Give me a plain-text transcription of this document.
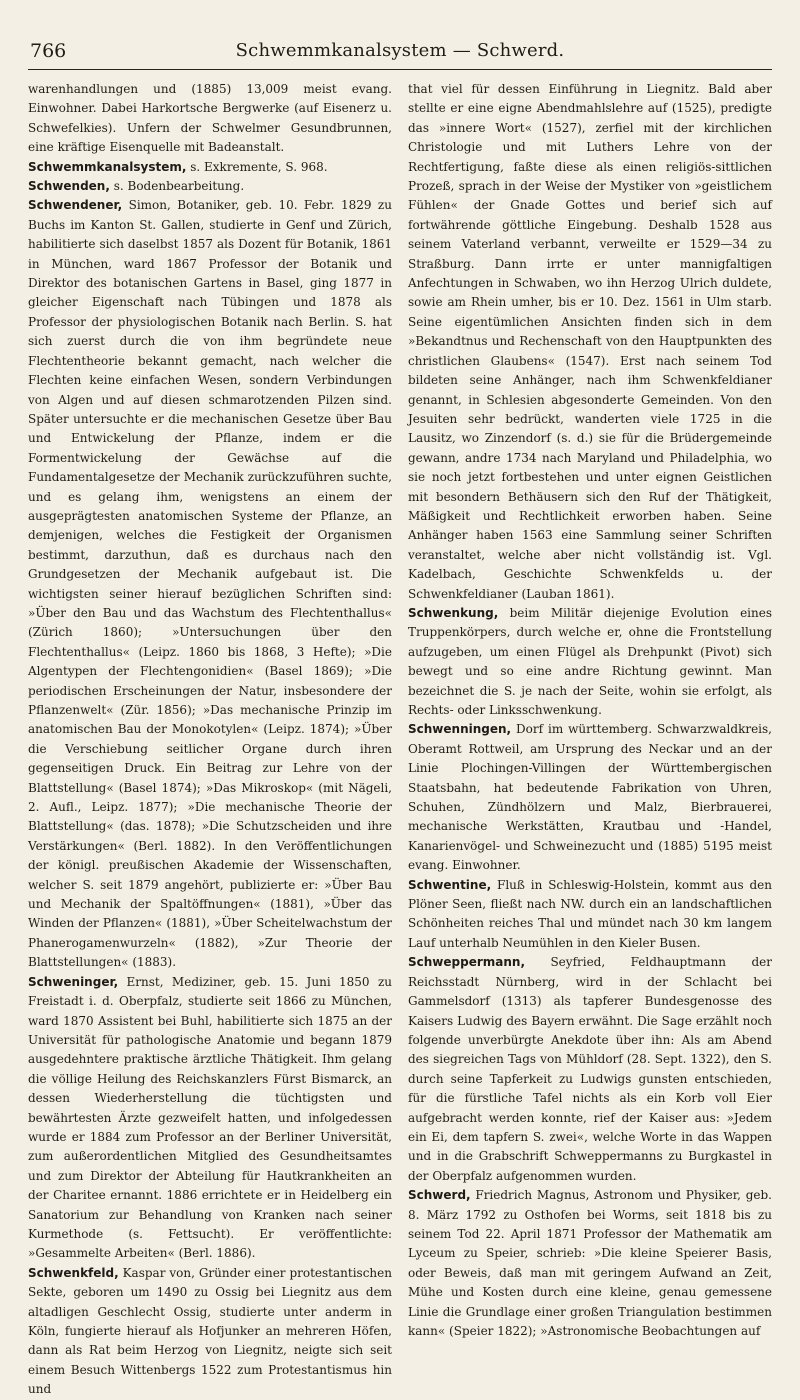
766	Schwemmkanalsystem — Schwerd.

warenhandlungen und (1885) 13,009 meist evang. Einwohner. Dabei Harkortsche Bergwerke (auf Eisenerz u. Schwefelkies). Unfern der Schwelmer Gesundbrunnen, eine kräftige Eisenquelle mit Badeanstalt.

Schwemmkanalsystem, s. Exkremente, S. 968.

Schwenden, s. Bodenbearbeitung.

Schwendener, Simon, Botaniker, geb. 10. Febr. 1829 zu Buchs im Kanton St. Gallen, studierte in Genf und Zürich, habilitierte sich daselbst 1857 als Dozent für Botanik, 1861 in München, ward 1867 Professor der Botanik und Direktor des botanischen Gartens in Basel, ging 1877 in gleicher Eigenschaft nach Tübingen und 1878 als Professor der physiologischen Botanik nach Berlin. S. hat sich zuerst durch die von ihm begründete neue Flechtentheorie bekannt gemacht, nach welcher die Flechten keine einfachen Wesen, sondern Verbindungen von Algen und auf diesen schmarotzenden Pilzen sind. Später untersuchte er die mechanischen Gesetze über Bau und Entwickelung der Pflanze, indem er die Formentwickelung der Gewächse auf die Fundamentalgesetze der Mechanik zurückzuführen suchte, und es gelang ihm, wenigstens an einem der ausgeprägtesten anatomischen Systeme der Pflanze, an demjenigen, welches die Festigkeit der Organismen bestimmt, darzuthun, daß es durchaus nach den Grundgesetzen der Mechanik aufgebaut ist. Die wichtigsten seiner hierauf bezüglichen Schriften sind: »Über den Bau und das Wachstum des Flechtenthallus« (Zürich 1860); »Untersuchungen über den Flechtenthallus« (Leipz. 1860 bis 1868, 3 Hefte); »Die Algentypen der Flechtengonidien« (Basel 1869); »Die periodischen Erscheinungen der Natur, insbesondere der Pflanzenwelt« (Zür. 1856); »Das mechanische Prinzip im anatomischen Bau der Monokotylen« (Leipz. 1874); »Über die Verschiebung seitlicher Organe durch ihren gegenseitigen Druck. Ein Beitrag zur Lehre von der Blattstellung« (Basel 1874); »Das Mikroskop« (mit Nägeli, 2. Aufl., Leipz. 1877); »Die mechanische Theorie der Blattstellung« (das. 1878); »Die Schutzscheiden und ihre Verstärkungen« (Berl. 1882). In den Veröffentlichungen der königl. preußischen Akademie der Wissenschaften, welcher S. seit 1879 angehört, publizierte er: »Über Bau und Mechanik der Spaltöffnungen« (1881), »Über das Winden der Pflanzen« (1881), »Über Scheitelwachstum der Phanerogamenwurzeln« (1882), »Zur Theorie der Blattstellungen« (1883).

Schweninger, Ernst, Mediziner, geb. 15. Juni 1850 zu Freistadt i. d. Oberpfalz, studierte seit 1866 zu München, ward 1870 Assistent bei Buhl, habilitierte sich 1875 an der Universität für pathologische Anatomie und begann 1879 ausgedehntere praktische ärztliche Thätigkeit. Ihm gelang die völlige Heilung des Reichskanzlers Fürst Bismarck, an dessen Wiederherstellung die tüchtigsten und bewährtesten Ärzte gezweifelt hatten, und infolgedessen wurde er 1884 zum Professor an der Berliner Universität, zum außerordentlichen Mitglied des Gesundheitsamtes und zum Direktor der Abteilung für Hautkrankheiten an der Charitee ernannt. 1886 errichtete er in Heidelberg ein Sanatorium zur Behandlung von Kranken nach seiner Kurmethode (s. Fettsucht). Er veröffentlichte: »Gesammelte Arbeiten« (Berl. 1886).

Schwenkfeld, Kaspar von, Gründer einer protestantischen Sekte, geboren um 1490 zu Ossig bei Liegnitz aus dem altadligen Geschlecht Ossig, studierte unter anderm in Köln, fungierte hierauf als Hofjunker an mehreren Höfen, dann als Rat beim Herzog von Liegnitz, neigte sich seit einem Besuch Wittenbergs 1522 zum Protestantismus hin und

that viel für dessen Einführung in Liegnitz. Bald aber stellte er eine eigne Abendmahlslehre auf (1525), predigte das »innere Wort« (1527), zerfiel mit der kirchlichen Christologie und mit Luthers Lehre von der Rechtfertigung, faßte diese als einen religiös-sittlichen Prozeß, sprach in der Weise der Mystiker von »geistlichem Fühlen« der Gnade Gottes und berief sich auf fortwährende göttliche Eingebung. Deshalb 1528 aus seinem Vaterland verbannt, verweilte er 1529—34 zu Straßburg. Dann irrte er unter mannigfaltigen Anfechtungen in Schwaben, wo ihn Herzog Ulrich duldete, sowie am Rhein umher, bis er 10. Dez. 1561 in Ulm starb. Seine eigentümlichen Ansichten finden sich in dem »Bekandtnus und Rechenschaft von den Hauptpunkten des christlichen Glaubens« (1547). Erst nach seinem Tod bildeten seine Anhänger, nach ihm Schwenkfeldianer genannt, in Schlesien abgesonderte Gemeinden. Von den Jesuiten sehr bedrückt, wanderten viele 1725 in die Lausitz, wo Zinzendorf (s. d.) sie für die Brüdergemeinde gewann, andre 1734 nach Maryland und Philadelphia, wo sie noch jetzt fortbestehen und unter eignen Geistlichen mit besondern Bethäusern sich den Ruf der Thätigkeit, Mäßigkeit und Rechtlichkeit erworben haben. Seine Anhänger haben 1563 eine Sammlung seiner Schriften veranstaltet, welche aber nicht vollständig ist. Vgl. Kadelbach, Geschichte Schwenkfelds u. der Schwenkfeldianer (Lauban 1861).

Schwenkung, beim Militär diejenige Evolution eines Truppenkörpers, durch welche er, ohne die Frontstellung aufzugeben, um einen Flügel als Drehpunkt (Pivot) sich bewegt und so eine andre Richtung gewinnt. Man bezeichnet die S. je nach der Seite, wohin sie erfolgt, als Rechts- oder Linksschwenkung.

Schwenningen, Dorf im württemberg. Schwarzwaldkreis, Oberamt Rottweil, am Ursprung des Neckar und an der Linie Plochingen-Villingen der Württembergischen Staatsbahn, hat bedeutende Fabrikation von Uhren, Schuhen, Zündhölzern und Malz, Bierbrauerei, mechanische Werkstätten, Krautbau und -Handel, Kanarienvögel- und Schweinezucht und (1885) 5195 meist evang. Einwohner.

Schwentine, Fluß in Schleswig-Holstein, kommt aus den Plöner Seen, fließt nach NW. durch ein an landschaftlichen Schönheiten reiches Thal und mündet nach 30 km langem Lauf unterhalb Neumühlen in den Kieler Busen.

Schweppermann, Seyfried, Feldhauptmann der Reichsstadt Nürnberg, wird in der Schlacht bei Gammelsdorf (1313) als tapferer Bundesgenosse des Kaisers Ludwig des Bayern erwähnt. Die Sage erzählt noch folgende unverbürgte Anekdote über ihn: Als am Abend des siegreichen Tags von Mühldorf (28. Sept. 1322), den S. durch seine Tapferkeit zu Ludwigs gunsten entschieden, für die fürstliche Tafel nichts als ein Korb voll Eier aufgebracht werden konnte, rief der Kaiser aus: »Jedem ein Ei, dem tapfern S. zwei«, welche Worte in das Wappen und in die Grabschrift Schweppermanns zu Burgkastel in der Oberpfalz aufgenommen wurden.

Schwerd, Friedrich Magnus, Astronom und Physiker, geb. 8. März 1792 zu Osthofen bei Worms, seit 1818 bis zu seinem Tod 22. April 1871 Professor der Mathematik am Lyceum zu Speier, schrieb: »Die kleine Speierer Basis, oder Beweis, daß man mit geringem Aufwand an Zeit, Mühe und Kosten durch eine kleine, genau gemessene Linie die Grundlage einer großen Triangulation bestimmen kann« (Speier 1822); »Astronomische Beobachtungen auf
